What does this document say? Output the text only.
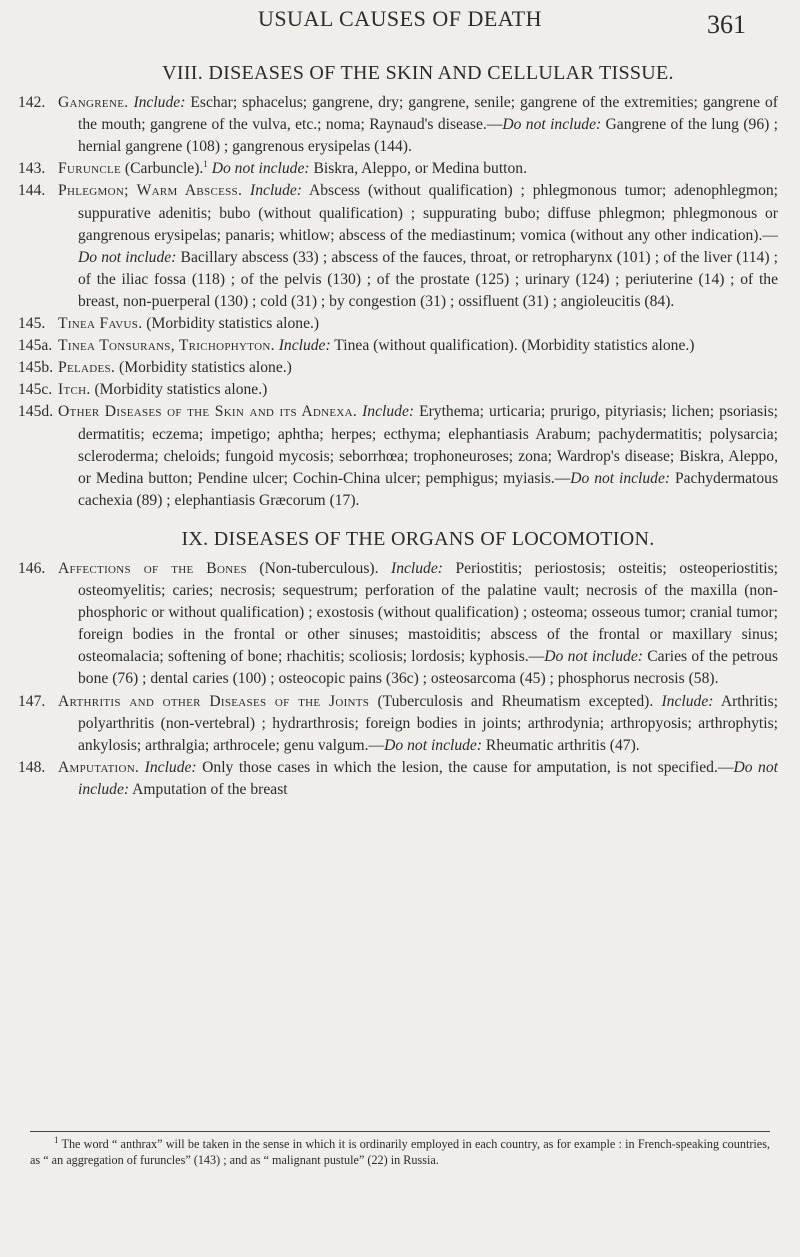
USUAL CAUSES OF DEATH	361
VIII. DISEASES OF THE SKIN AND CELLULAR TISSUE.

142. Gangrene. Include: Eschar; sphacelus; gangrene, dry; gangrene, senile; gangrene of the extremities; gangrene of the mouth; gangrene of the vulva, etc.; noma; Raynaud's disease.—Do not include: Gangrene of the lung (96) ; hernial gangrene (108) ; gangrenous erysipelas (144).

143. Furuncle (Carbuncle).$^1$ Do not include: Biskra, Aleppo, or Medina button.

144. Phlegmon; Warm Abscess. Include: Abscess (without qualification) ; phlegmonous tumor; adenophlegmon; suppurative adenitis; bubo (without qualification) ; suppurating bubo; diffuse phlegmon; phlegmonous or gangrenous erysipelas; panaris; whitlow; abscess of the mediastinum; vomica (without any other indication).—Do not include: Bacillary abscess (33) ; abscess of the fauces, throat, or retropharynx (101) ; of the liver (114) ; of the iliac fossa (118) ; of the pelvis (130) ; of the prostate (125) ; urinary (124) ; periuterine (14) ; of the breast, non-puerperal (130) ; cold (31) ; by congestion (31) ; ossifluent (31) ; angioleucitis (84).

145. Tinea Favus. (Morbidity statistics alone.)

145a. Tinea Tonsurans, Trichophyton. Include: Tinea (without qualification). (Morbidity statistics alone.)

145b. Pelades. (Morbidity statistics alone.)

145c. Itch. (Morbidity statistics alone.)

145d. Other Diseases of the Skin and its Adnexa. Include: Erythema; urticaria; prurigo, pityriasis; lichen; psoriasis; dermatitis; eczema; impetigo; aphtha; herpes; ecthyma; elephantiasis Arabum; pachydermatitis; polysarcia; scleroderma; cheloids; fungoid mycosis; seborrhœa; trophoneuroses; zona; Wardrop's disease; Biskra, Aleppo, or Medina button; Pendine ulcer; Cochin-China ulcer; pemphigus; myiasis.—Do not include: Pachydermatous cachexia (89) ; elephantiasis Græcorum (17).

IX. DISEASES OF THE ORGANS OF LOCOMOTION.

146. Affections of the Bones (Non-tuberculous). Include: Periostitis; periostosis; osteitis; osteoperiostitis; osteomyelitis; caries; necrosis; sequestrum; perforation of the palatine vault; necrosis of the maxilla (non-phosphoric or without qualification) ; exostosis (without qualification) ; osteoma; osseous tumor; cranial tumor; foreign bodies in the frontal or other sinuses; mastoiditis; abscess of the frontal or maxillary sinus; osteomalacia; softening of bone; rhachitis; scoliosis; lordosis; kyphosis.—Do not include: Caries of the petrous bone (76) ; dental caries (100) ; osteocopic pains (36c) ; osteosarcoma (45) ; phosphorus necrosis (58).

147. Arthritis and other Diseases of the Joints (Tuberculosis and Rheumatism excepted). Include: Arthritis; polyarthritis (non-vertebral) ; hydrarthrosis; foreign bodies in joints; arthrodynia; arthropyosis; arthrophytis; ankylosis; arthralgia; arthrocele; genu valgum.—Do not include: Rheumatic arthritis (47).

148. Amputation. Include: Only those cases in which the lesion, the cause for amputation, is not specified.—Do not include: Amputation of the breast

$^1$ The word “ anthrax” will be taken in the sense in which it is ordinarily employed in each country, as for example : in French-speaking countries, as “ an aggregation of furuncles” (143) ; and as “ malignant pustule” (22) in Russia.
